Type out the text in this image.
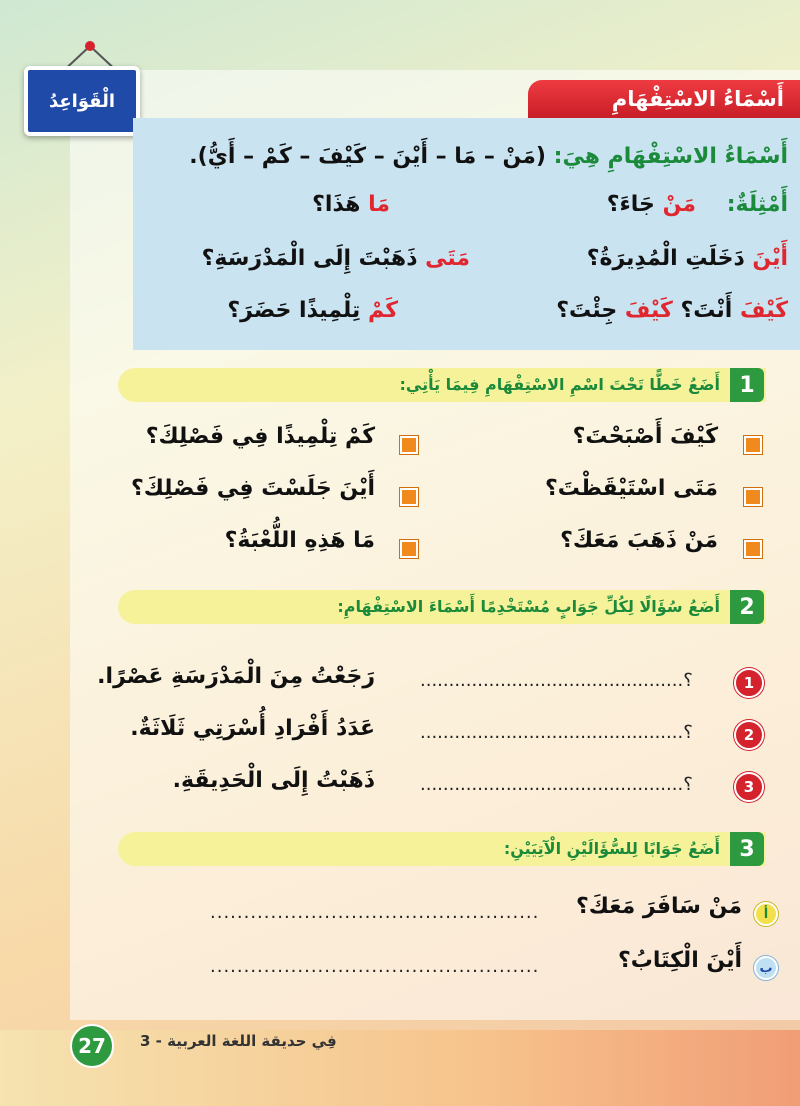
الْقَوَاعِدُ	أَسْمَاءُ الاسْتِفْهَامِ
أَسْمَاءُ الاسْتِفْهَامِ هِيَ: (مَنْ – مَا – أَيْنَ – كَيْفَ – كَمْ – أَيُّ).
أَمْثِلَةٌ:
مَنْ جَاءَ؟
مَا هَذَا؟
أَيْنَ دَخَلَتِ الْمُدِيرَةُ؟
مَتَى ذَهَبْتَ إِلَى الْمَدْرَسَةِ؟
كَيْفَ أَنْتَ؟ كَيْفَ جِئْتَ؟
كَمْ تِلْمِيذًا حَضَرَ؟
1
أَضَعُ خَطًّا تَحْتَ اسْمِ الاسْتِفْهَامِ فِيمَا يَأْتِي:
كَيْفَ أَصْبَحْتَ؟
كَمْ تِلْمِيذًا فِي فَصْلِكَ؟
مَتَى اسْتَيْقَظْتَ؟
أَيْنَ جَلَسْتَ فِي فَصْلِكَ؟
مَنْ ذَهَبَ مَعَكَ؟
مَا هَذِهِ اللُّعْبَةُ؟
2
أَضَعُ سُؤَالًا لِكُلِّ جَوَابٍ مُسْتَخْدِمًا أَسْمَاءَ الاسْتِفْهَامِ:
1
..............................................؟
رَجَعْتُ مِنَ الْمَدْرَسَةِ عَصْرًا.
2
..............................................؟
عَدَدُ أَفْرَادِ أُسْرَتِي ثَلَاثَةٌ.
3
..............................................؟
ذَهَبْتُ إِلَى الْحَدِيقَةِ.
3
أَضَعُ جَوَابًا لِلسُّؤَالَيْنِ الْآتِيَيْنِ:
أ
مَنْ سَافَرَ مَعَكَ؟
.................................................
ب
أَيْنَ الْكِتَابُ؟
.................................................
27	فِي حديقة اللغة العربية - 3
